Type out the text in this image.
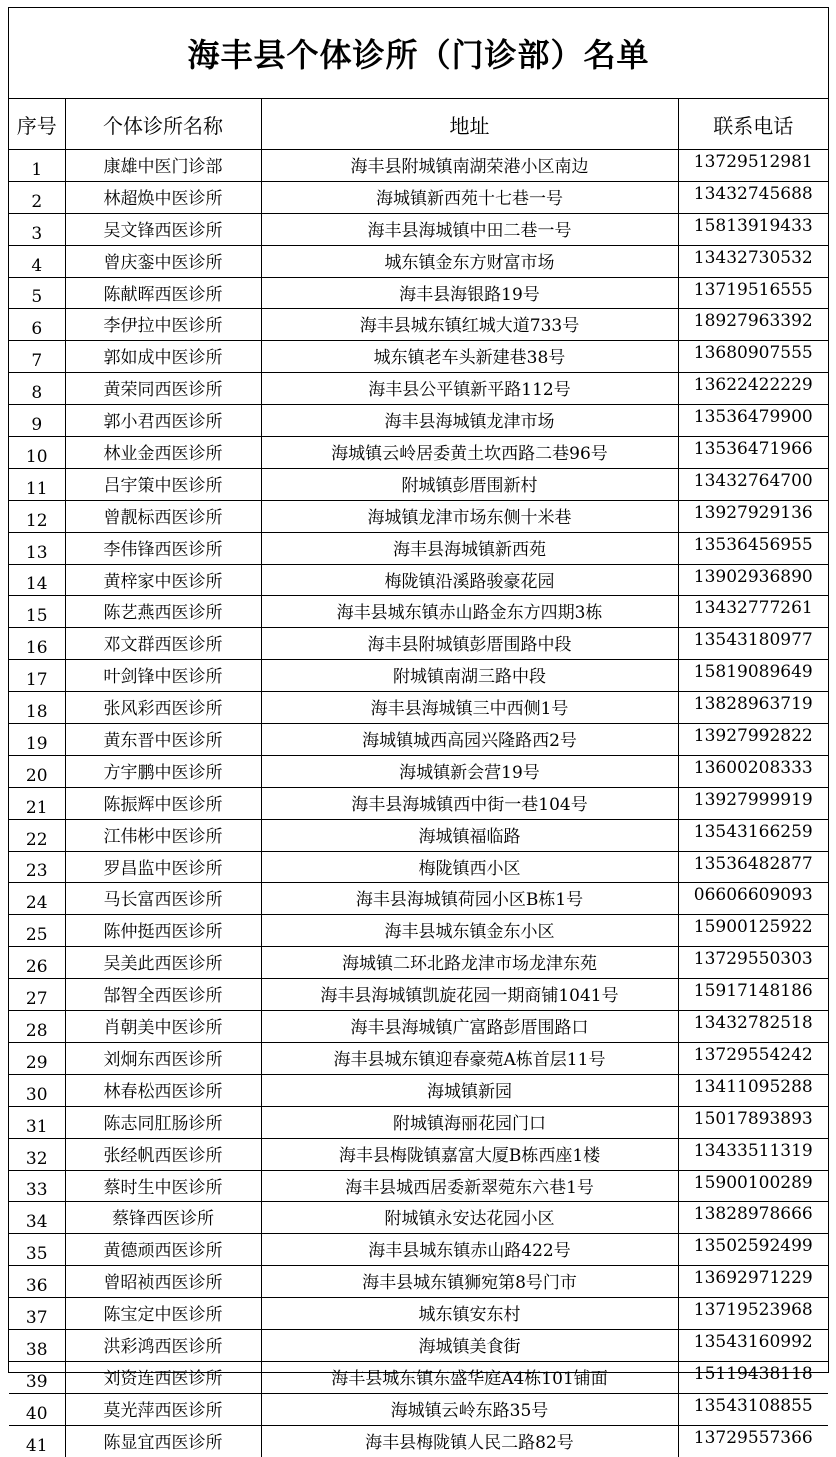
海丰县个体诊所（门诊部）名单
序号	个体诊所名称	地址	联系电话
1	康雄中医门诊部	海丰县附城镇南湖荣港小区南边	13729512981
2	林超焕中医诊所	海城镇新西苑十七巷一号	13432745688
3	吴文锋西医诊所	海丰县海城镇中田二巷一号	15813919433
4	曾庆銮中医诊所	城东镇金东方财富市场	13432730532
5	陈献晖西医诊所	海丰县海银路19号	13719516555
6	李伊拉中医诊所	海丰县城东镇红城大道733号	18927963392
7	郭如成中医诊所	城东镇老车头新建巷38号	13680907555
8	黄荣同西医诊所	海丰县公平镇新平路112号	13622422229
9	郭小君西医诊所	海丰县海城镇龙津市场	13536479900
10	林业金西医诊所	海城镇云岭居委黄土坎西路二巷96号	13536471966
11	吕宇策中医诊所	附城镇彭厝围新村	13432764700
12	曾靓标西医诊所	海城镇龙津市场东侧十米巷	13927929136
13	李伟锋西医诊所	海丰县海城镇新西苑	13536456955
14	黄梓家中医诊所	梅陇镇沿溪路骏豪花园	13902936890
15	陈艺燕西医诊所	海丰县城东镇赤山路金东方四期3栋	13432777261
16	邓文群西医诊所	海丰县附城镇彭厝围路中段	13543180977
17	叶剑锋中医诊所	附城镇南湖三路中段	15819089649
18	张风彩西医诊所	海丰县海城镇三中西侧1号	13828963719
19	黄东晋中医诊所	海城镇城西高园兴隆路西2号	13927992822
20	方宇鹏中医诊所	海城镇新会营19号	13600208333
21	陈振辉中医诊所	海丰县海城镇西中街一巷104号	13927999919
22	江伟彬中医诊所	海城镇福临路	13543166259
23	罗昌监中医诊所	梅陇镇西小区	13536482877
24	马长富西医诊所	海丰县海城镇荷园小区B栋1号	06606609093
25	陈仲挺西医诊所	海丰县城东镇金东小区	15900125922
26	吴美此西医诊所	海城镇二环北路龙津市场龙津东苑	13729550303
27	郜智全西医诊所	海丰县海城镇凯旋花园一期商铺1041号	15917148186
28	肖朝美中医诊所	海丰县海城镇广富路彭厝围路口	13432782518
29	刘炯东西医诊所	海丰县城东镇迎春豪菀A栋首层11号	13729554242
30	林春松西医诊所	海城镇新园	13411095288
31	陈志同肛肠诊所	附城镇海丽花园门口	15017893893
32	张经帆西医诊所	海丰县梅陇镇嘉富大厦B栋西座1楼	13433511319
33	蔡时生中医诊所	海丰县城西居委新翠菀东六巷1号	15900100289
34	蔡锋西医诊所	附城镇永安达花园小区	13828978666
35	黄德顽西医诊所	海丰县城东镇赤山路422号	13502592499
36	曾昭祯西医诊所	海丰县城东镇狮宛第8号门市	13692971229
37	陈宝定中医诊所	城东镇安东村	13719523968
38	洪彩鸿西医诊所	海城镇美食街	13543160992
39	刘资连西医诊所	海丰县城东镇东盛华庭A4栋101铺面	15119438118
40	莫光萍西医诊所	海城镇云岭东路35号	13543108855
41	陈显宜西医诊所	海丰县梅陇镇人民二路82号	13729557366
